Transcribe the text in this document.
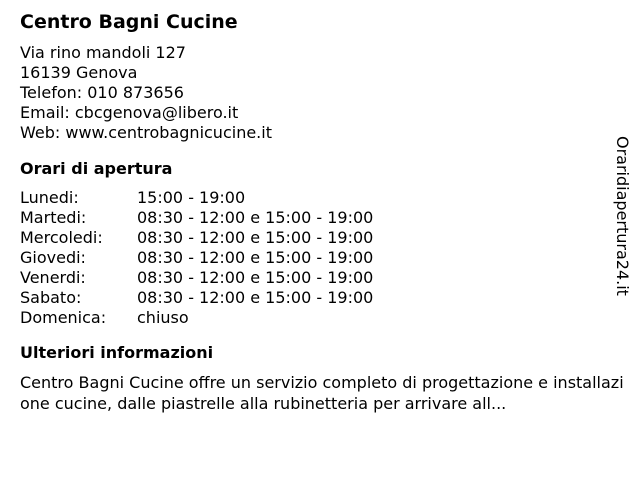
Centro Bagni Cucine
Via rino mandoli 127
16139 Genova
Telefon: 010 873656
Email: cbcgenova@libero.it
Web: www.centrobagnicucine.it
Orari di apertura
Lunedi:	15:00 - 19:00
Martedi:	08:30 - 12:00 e 15:00 - 19:00
Mercoledi:	08:30 - 12:00 e 15:00 - 19:00
Giovedi:	08:30 - 12:00 e 15:00 - 19:00
Venerdi:	08:30 - 12:00 e 15:00 - 19:00
Sabato:	08:30 - 12:00 e 15:00 - 19:00
Domenica:	chiuso
Ulteriori informazioni
Centro Bagni Cucine offre un servizio completo di progettazione e installazione cucine, dalle piastrelle alla rubinetteria per arrivare all...
Oraridiapertura24.it
